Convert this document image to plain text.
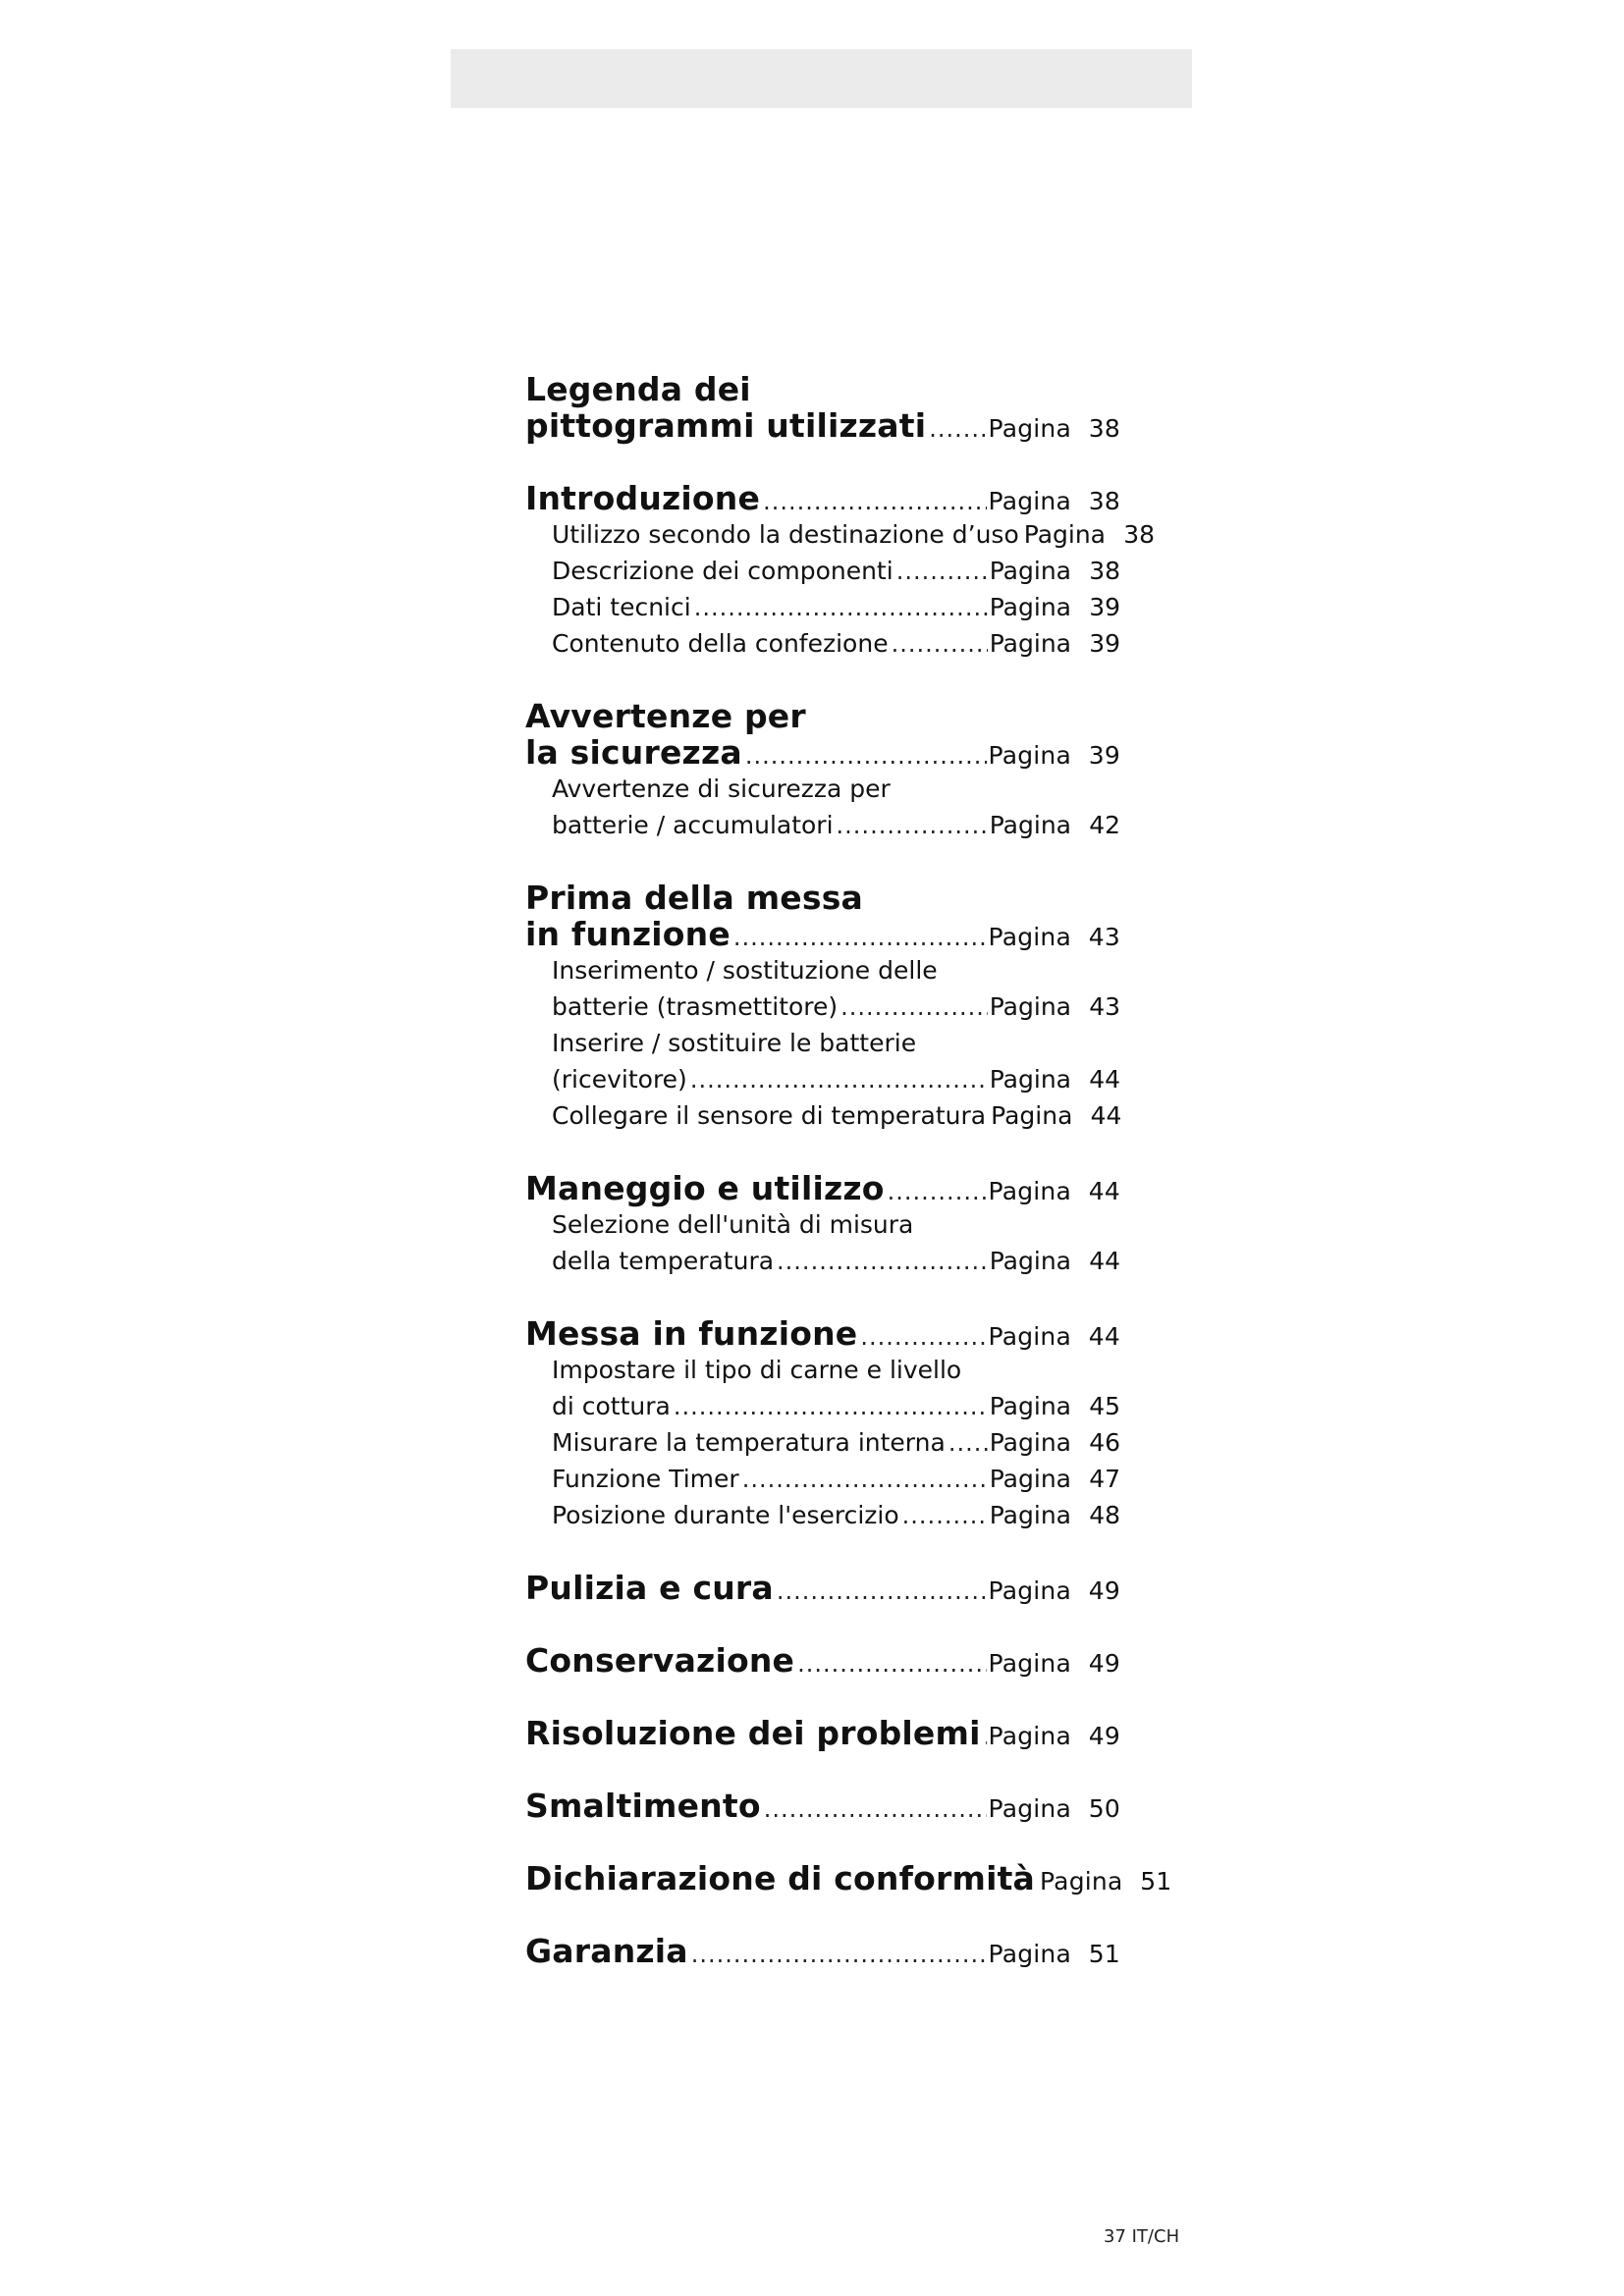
Legenda dei
pittogrammi utilizzati .....	Pagina 38
Introduzione .....	Pagina 38
Utilizzo secondo la destinazione d’uso Pagina 38
Descrizione dei componenti .....	Pagina 38
Dati tecnici .....	Pagina 39
Contenuto della confezione .....	Pagina 39
Avvertenze per
la sicurezza .....	Pagina 39
Avvertenze di sicurezza per
batterie / accumulatori .....	Pagina 42
Prima della messa
in funzione .....	Pagina 43
Inserimento / sostituzione delle
batterie (trasmettitore) .....	Pagina 43
Inserire / sostituire le batterie
(ricevitore) .....	Pagina 44
Collegare il sensore di temperatura Pagina 44
Maneggio e utilizzo .....	Pagina 44
Selezione dell'unità di misura
della temperatura .....	Pagina 44
Messa in funzione .....	Pagina 44
Impostare il tipo di carne e livello
di cottura .....	Pagina 45
Misurare la temperatura interna ..... Pagina 46
Funzione Timer .....	Pagina 47
Posizione durante l'esercizio .....	Pagina 48
Pulizia e cura .....	Pagina 49
Conservazione .....	Pagina 49
Risoluzione dei problemi ..... Pagina 49
Smaltimento .....	Pagina 50
Dichiarazione di conformità Pagina 51
Garanzia .....	Pagina 51
37 IT/CH
